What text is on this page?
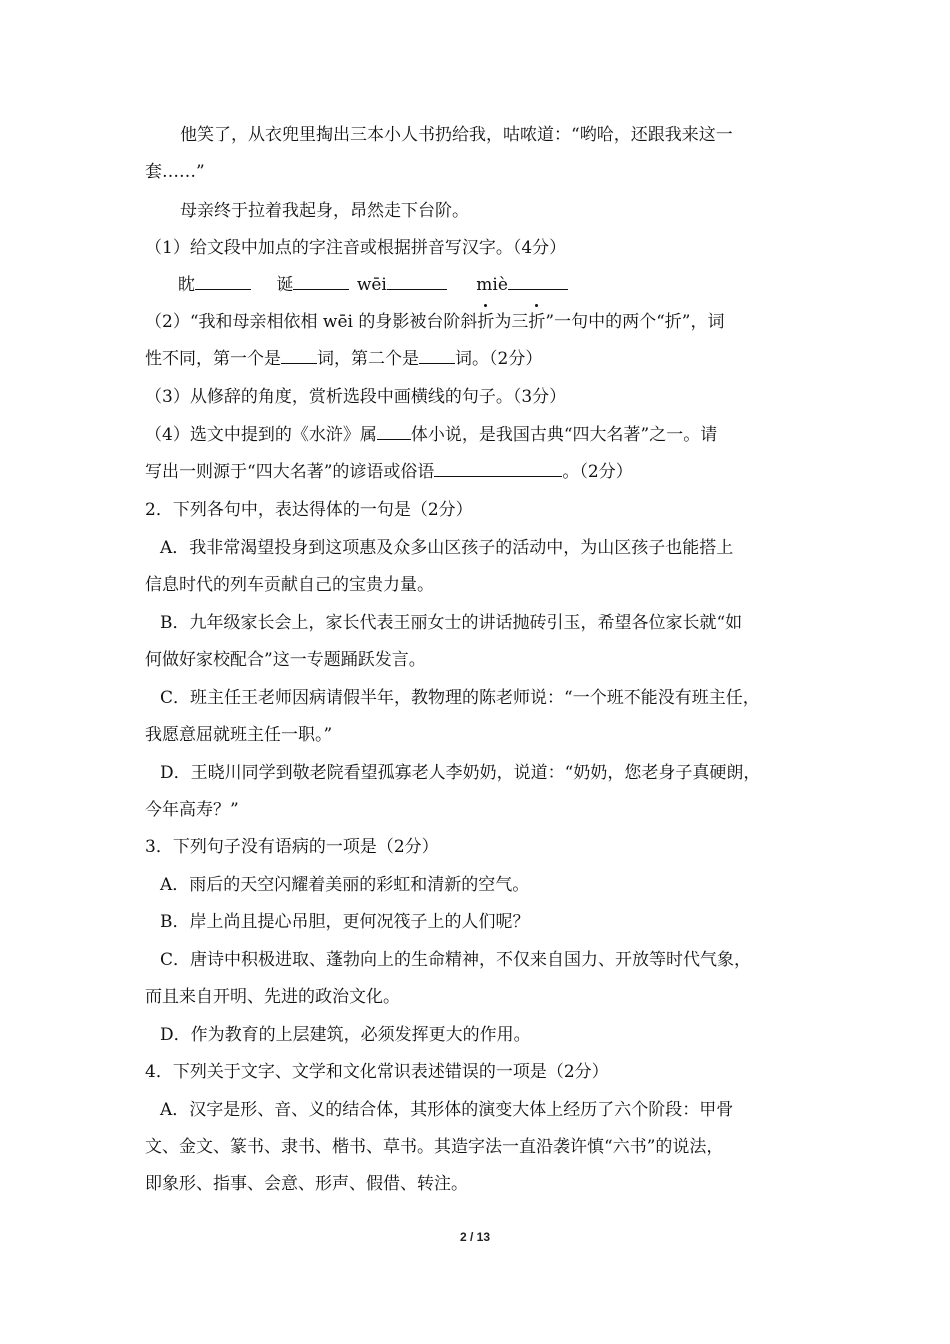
他笑了，从衣兜里掏出三本小人书扔给我，咕哝道：“哟哈，还跟我来这一
套……”
母亲终于拉着我起身，昂然走下台阶。
（1）给文段中加点的字注音或根据拼音写汉字。（4分）
眈	诞	wēi	miè
（2）“我和母亲相依相 wēi 的身影被台阶斜折为三折”一句中的两个“折”，词
性不同，第一个是 词，第二个是 词。（2分）
（3）从修辞的角度，赏析选段中画横线的句子。（3分）
（4）选文中提到的《水浒》属 体小说，是我国古典“四大名著”之一。请
写出一则源于“四大名著”的谚语或俗语	。（2分）
2．下列各句中，表达得体的一句是（2分）
A．我非常渴望投身到这项惠及众多山区孩子的活动中，为山区孩子也能搭上
信息时代的列车贡献自己的宝贵力量。
B．九年级家长会上，家长代表王丽女士的讲话抛砖引玉，希望各位家长就“如
何做好家校配合”这一专题踊跃发言。
C．班主任王老师因病请假半年，教物理的陈老师说：“一个班不能没有班主任，
我愿意屈就班主任一职。”
D．王晓川同学到敬老院看望孤寡老人李奶奶，说道：“奶奶，您老身子真硬朗，
今年高寿？”
3．下列句子没有语病的一项是（2分）
A．雨后的天空闪耀着美丽的彩虹和清新的空气。
B．岸上尚且提心吊胆，更何况筏子上的人们呢？
C．唐诗中积极进取、蓬勃向上的生命精神，不仅来自国力、开放等时代气象，
而且来自开明、先进的政治文化。
D．作为教育的上层建筑，必须发挥更大的作用。
4．下列关于文字、文学和文化常识表述错误的一项是（2分）
A．汉字是形、音、义的结合体，其形体的演变大体上经历了六个阶段：甲骨
文、金文、篆书、隶书、楷书、草书。其造字法一直沿袭许慎“六书”的说法，
即象形、指事、会意、形声、假借、转注。
2 / 13
